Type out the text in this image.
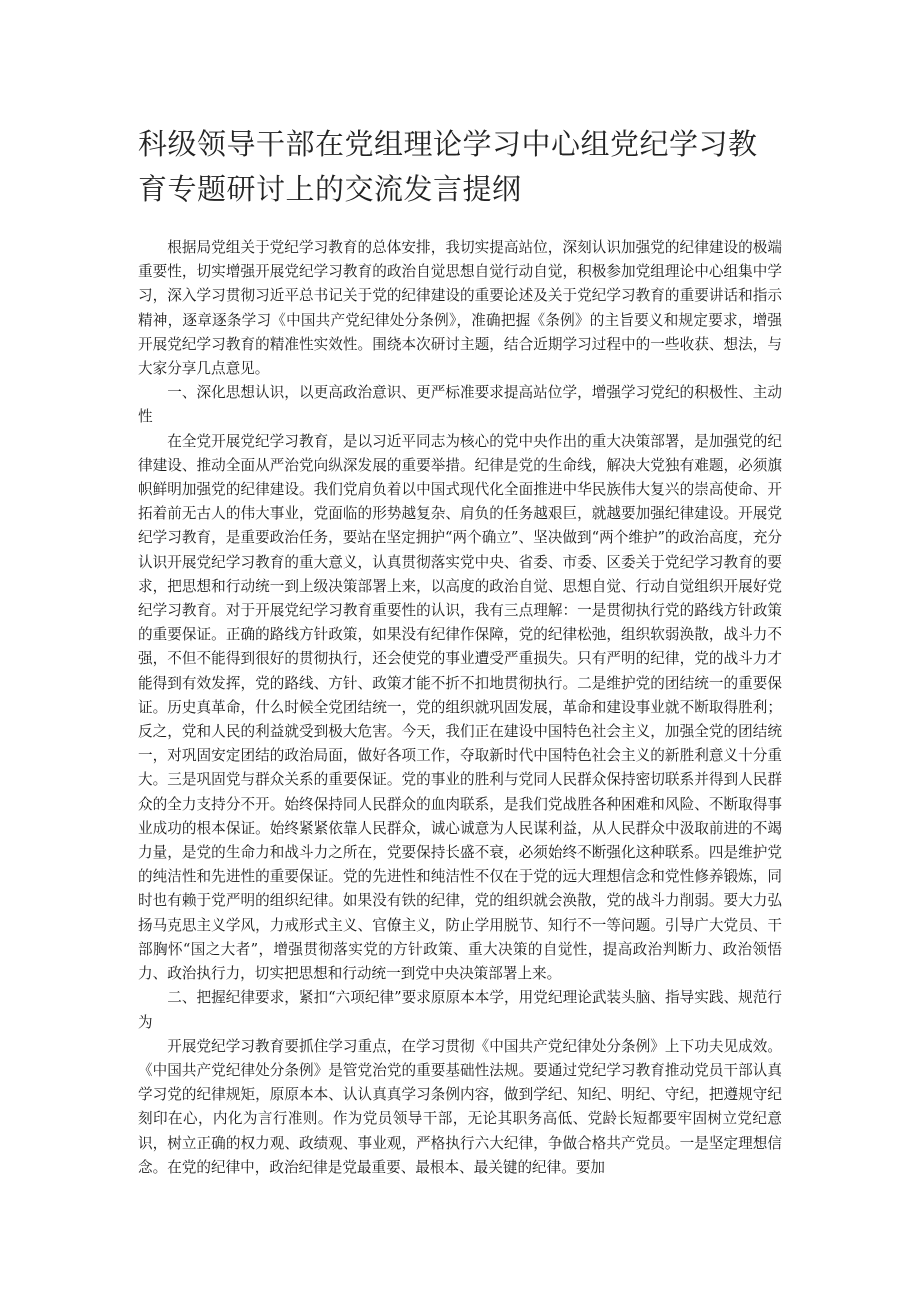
科级领导干部在党组理论学习中心组党纪学习教育专题研讨上的交流发言提纲

根据局党组关于党纪学习教育的总体安排，我切实提高站位，深刻认识加强党的纪律建设的极端重要性，切实增强开展党纪学习教育的政治自觉思想自觉行动自觉，积极参加党组理论中心组集中学习，深入学习贯彻习近平总书记关于党的纪律建设的重要论述及关于党纪学习教育的重要讲话和指示精神，逐章逐条学习《中国共产党纪律处分条例》，准确把握《条例》的主旨要义和规定要求，增强开展党纪学习教育的精准性实效性。围绕本次研讨主题，结合近期学习过程中的一些收获、想法，与大家分享几点意见。

一、深化思想认识，以更高政治意识、更严标准要求提高站位学，增强学习党纪的积极性、主动性

在全党开展党纪学习教育，是以习近平同志为核心的党中央作出的重大决策部署，是加强党的纪律建设、推动全面从严治党向纵深发展的重要举措。纪律是党的生命线，解决大党独有难题，必须旗帜鲜明加强党的纪律建设。我们党肩负着以中国式现代化全面推进中华民族伟大复兴的崇高使命、开拓着前无古人的伟大事业，党面临的形势越复杂、肩负的任务越艰巨，就越要加强纪律建设。开展党纪学习教育，是重要政治任务，要站在坚定拥护“两个确立”、坚决做到“两个维护”的政治高度，充分认识开展党纪学习教育的重大意义，认真贯彻落实党中央、省委、市委、区委关于党纪学习教育的要求，把思想和行动统一到上级决策部署上来，以高度的政治自觉、思想自觉、行动自觉组织开展好党纪学习教育。对于开展党纪学习教育重要性的认识，我有三点理解：一是贯彻执行党的路线方针政策的重要保证。正确的路线方针政策，如果没有纪律作保障，党的纪律松弛，组织软弱涣散，战斗力不强，不但不能得到很好的贯彻执行，还会使党的事业遭受严重损失。只有严明的纪律，党的战斗力才能得到有效发挥，党的路线、方针、政策才能不折不扣地贯彻执行。二是维护党的团结统一的重要保证。历史真革命，什么时候全党团结统一，党的组织就巩固发展，革命和建设事业就不断取得胜利；反之，党和人民的利益就受到极大危害。今天，我们正在建设中国特色社会主义，加强全党的团结统一，对巩固安定团结的政治局面，做好各项工作，夺取新时代中国特色社会主义的新胜利意义十分重大。三是巩固党与群众关系的重要保证。党的事业的胜利与党同人民群众保持密切联系并得到人民群众的全力支持分不开。始终保持同人民群众的血肉联系，是我们党战胜各种困难和风险、不断取得事业成功的根本保证。始终紧紧依靠人民群众，诚心诚意为人民谋利益，从人民群众中汲取前进的不竭力量，是党的生命力和战斗力之所在，党要保持长盛不衰，必须始终不断强化这种联系。四是维护党的纯洁性和先进性的重要保证。党的先进性和纯洁性不仅在于党的远大理想信念和党性修养锻炼，同时也有赖于党严明的组织纪律。如果没有铁的纪律，党的组织就会涣散，党的战斗力削弱。要大力弘扬马克思主义学风，力戒形式主义、官僚主义，防止学用脱节、知行不一等问题。引导广大党员、干部胸怀“国之大者”，增强贯彻落实党的方针政策、重大决策的自觉性，提高政治判断力、政治领悟力、政治执行力，切实把思想和行动统一到党中央决策部署上来。

二、把握纪律要求，紧扣“六项纪律”要求原原本本学，用党纪理论武装头脑、指导实践、规范行为

开展党纪学习教育要抓住学习重点，在学习贯彻《中国共产党纪律处分条例》上下功夫见成效。《中国共产党纪律处分条例》是管党治党的重要基础性法规。要通过党纪学习教育推动党员干部认真学习党的纪律规矩，原原本本、认认真真学习条例内容，做到学纪、知纪、明纪、守纪，把遵规守纪刻印在心，内化为言行准则。作为党员领导干部，无论其职务高低、党龄长短都要牢固树立党纪意识，树立正确的权力观、政绩观、事业观，严格执行六大纪律，争做合格共产党员。一是坚定理想信念。在党的纪律中，政治纪律是党最重要、最根本、最关键的纪律。要加
